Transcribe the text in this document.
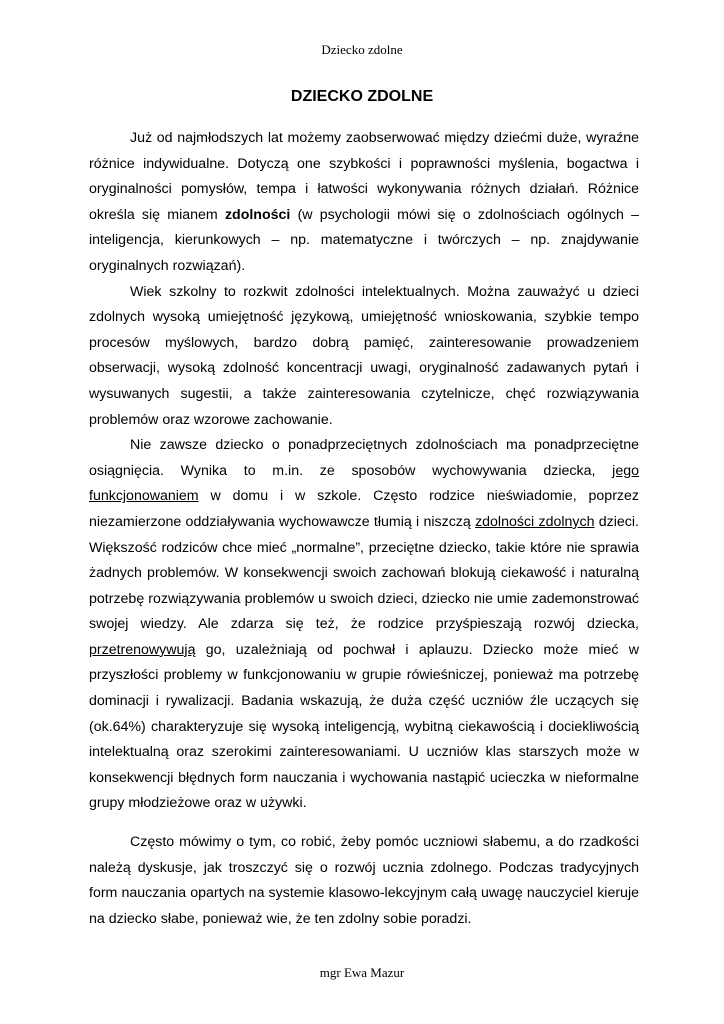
Dziecko zdolne
DZIECKO ZDOLNE

Już od najmłodszych lat możemy zaobserwować między dziećmi duże, wyraźne różnice indywidualne. Dotyczą one szybkości i poprawności myślenia, bogactwa i oryginalności pomysłów, tempa i łatwości wykonywania różnych działań. Różnice określa się mianem zdolności (w psychologii mówi się o zdolnościach ogólnych – inteligencja, kierunkowych – np. matematyczne i twórczych – np. znajdywanie oryginalnych rozwiązań).

Wiek szkolny to rozkwit zdolności intelektualnych. Można zauważyć u dzieci zdolnych wysoką umiejętność językową, umiejętność wnioskowania, szybkie tempo procesów myślowych, bardzo dobrą pamięć, zainteresowanie prowadzeniem obserwacji, wysoką zdolność koncentracji uwagi, oryginalność zadawanych pytań i wysuwanych sugestii, a także zainteresowania czytelnicze, chęć rozwiązywania problemów oraz wzorowe zachowanie.

Nie zawsze dziecko o ponadprzeciętnych zdolnościach ma ponadprzeciętne osiągnięcia. Wynika to m.in. ze sposobów wychowywania dziecka, jego funkcjonowaniem w domu i w szkole. Często rodzice nieświadomie, poprzez niezamierzone oddziaływania wychowawcze tłumią i niszczą zdolności zdolnych dzieci. Większość rodziców chce mieć „normalne”, przeciętne dziecko, takie które nie sprawia żadnych problemów. W konsekwencji swoich zachowań blokują ciekawość i naturalną potrzebę rozwiązywania problemów u swoich dzieci, dziecko nie umie zademonstrować swojej wiedzy. Ale zdarza się też, że rodzice przyśpieszają rozwój dziecka, przetrenowywują go, uzależniają od pochwał i aplauzu. Dziecko może mieć w przyszłości problemy w funkcjonowaniu w grupie rówieśniczej, ponieważ ma potrzebę dominacji i rywalizacji. Badania wskazują, że duża część uczniów źle uczących się (ok.64%) charakteryzuje się wysoką inteligencją, wybitną ciekawością i dociekliwością intelektualną oraz szerokimi zainteresowaniami. U uczniów klas starszych może w konsekwencji błędnych form nauczania i wychowania nastąpić ucieczka w nieformalne grupy młodzieżowe oraz w używki.

Często mówimy o tym, co robić, żeby pomóc uczniowi słabemu, a do rzadkości należą dyskusje, jak troszczyć się o rozwój ucznia zdolnego. Podczas tradycyjnych form nauczania opartych na systemie klasowo-lekcyjnym całą uwagę nauczyciel kieruje na dziecko słabe, ponieważ wie, że ten zdolny sobie poradzi.

mgr Ewa Mazur
